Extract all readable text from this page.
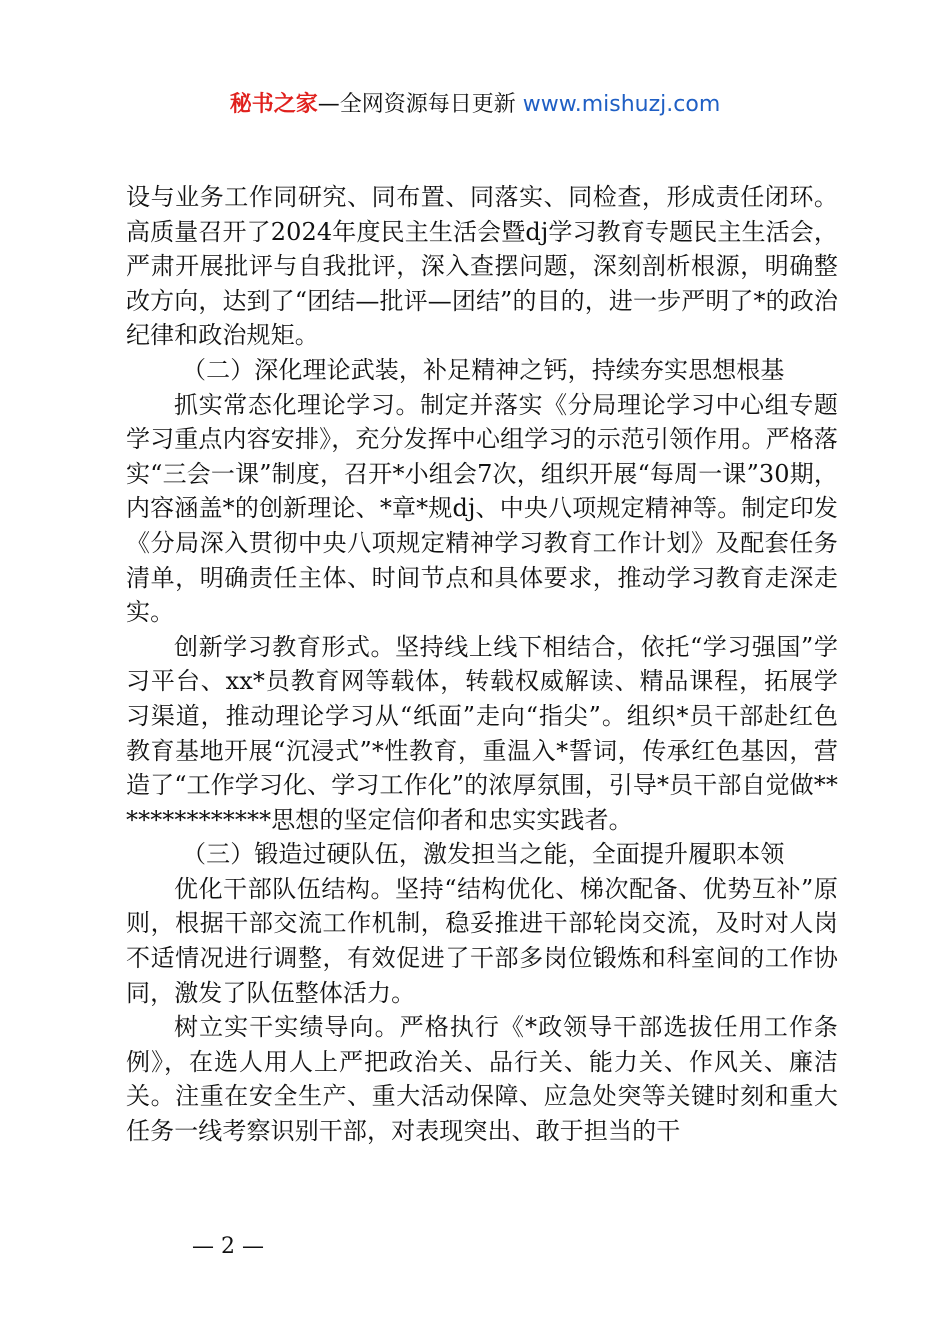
秘书之家—全网资源每日更新 www.mishuzj.com

设与业务工作同研究、同布置、同落实、同检查，形成责任闭环。高质量召开了2024年度民主生活会暨dj学习教育专题民主生活会，严肃开展批评与自我批评，深入查摆问题，深刻剖析根源，明确整改方向，达到了“团结—批评—团结”的目的，进一步严明了*的政治纪律和政治规矩。

（二）深化理论武装，补足精神之钙，持续夯实思想根基

抓实常态化理论学习。制定并落实《分局理论学习中心组专题学习重点内容安排》，充分发挥中心组学习的示范引领作用。严格落实“三会一课”制度，召开*小组会7次，组织开展“每周一课”30期，内容涵盖*的创新理论、*章*规dj、中央八项规定精神等。制定印发《分局深入贯彻中央八项规定精神学习教育工作计划》及配套任务清单，明确责任主体、时间节点和具体要求，推动学习教育走深走实。

创新学习教育形式。坚持线上线下相结合，依托“学习强国”学习平台、xx*员教育网等载体，转载权威解读、精品课程，拓展学习渠道，推动理论学习从“纸面”走向“指尖”。组织*员干部赴红色教育基地开展“沉浸式”*性教育，重温入*誓词，传承红色基因，营造了“工作学习化、学习工作化”的浓厚氛围，引导*员干部自觉做**************思想的坚定信仰者和忠实实践者。

（三）锻造过硬队伍，激发担当之能，全面提升履职本领

优化干部队伍结构。坚持“结构优化、梯次配备、优势互补”原则，根据干部交流工作机制，稳妥推进干部轮岗交流，及时对人岗不适情况进行调整，有效促进了干部多岗位锻炼和科室间的工作协同，激发了队伍整体活力。

树立实干实绩导向。严格执行《*政领导干部选拔任用工作条例》，在选人用人上严把政治关、品行关、能力关、作风关、廉洁关。注重在安全生产、重大活动保障、应急处突等关键时刻和重大任务一线考察识别干部，对表现突出、敢于担当的干

— 2 —
